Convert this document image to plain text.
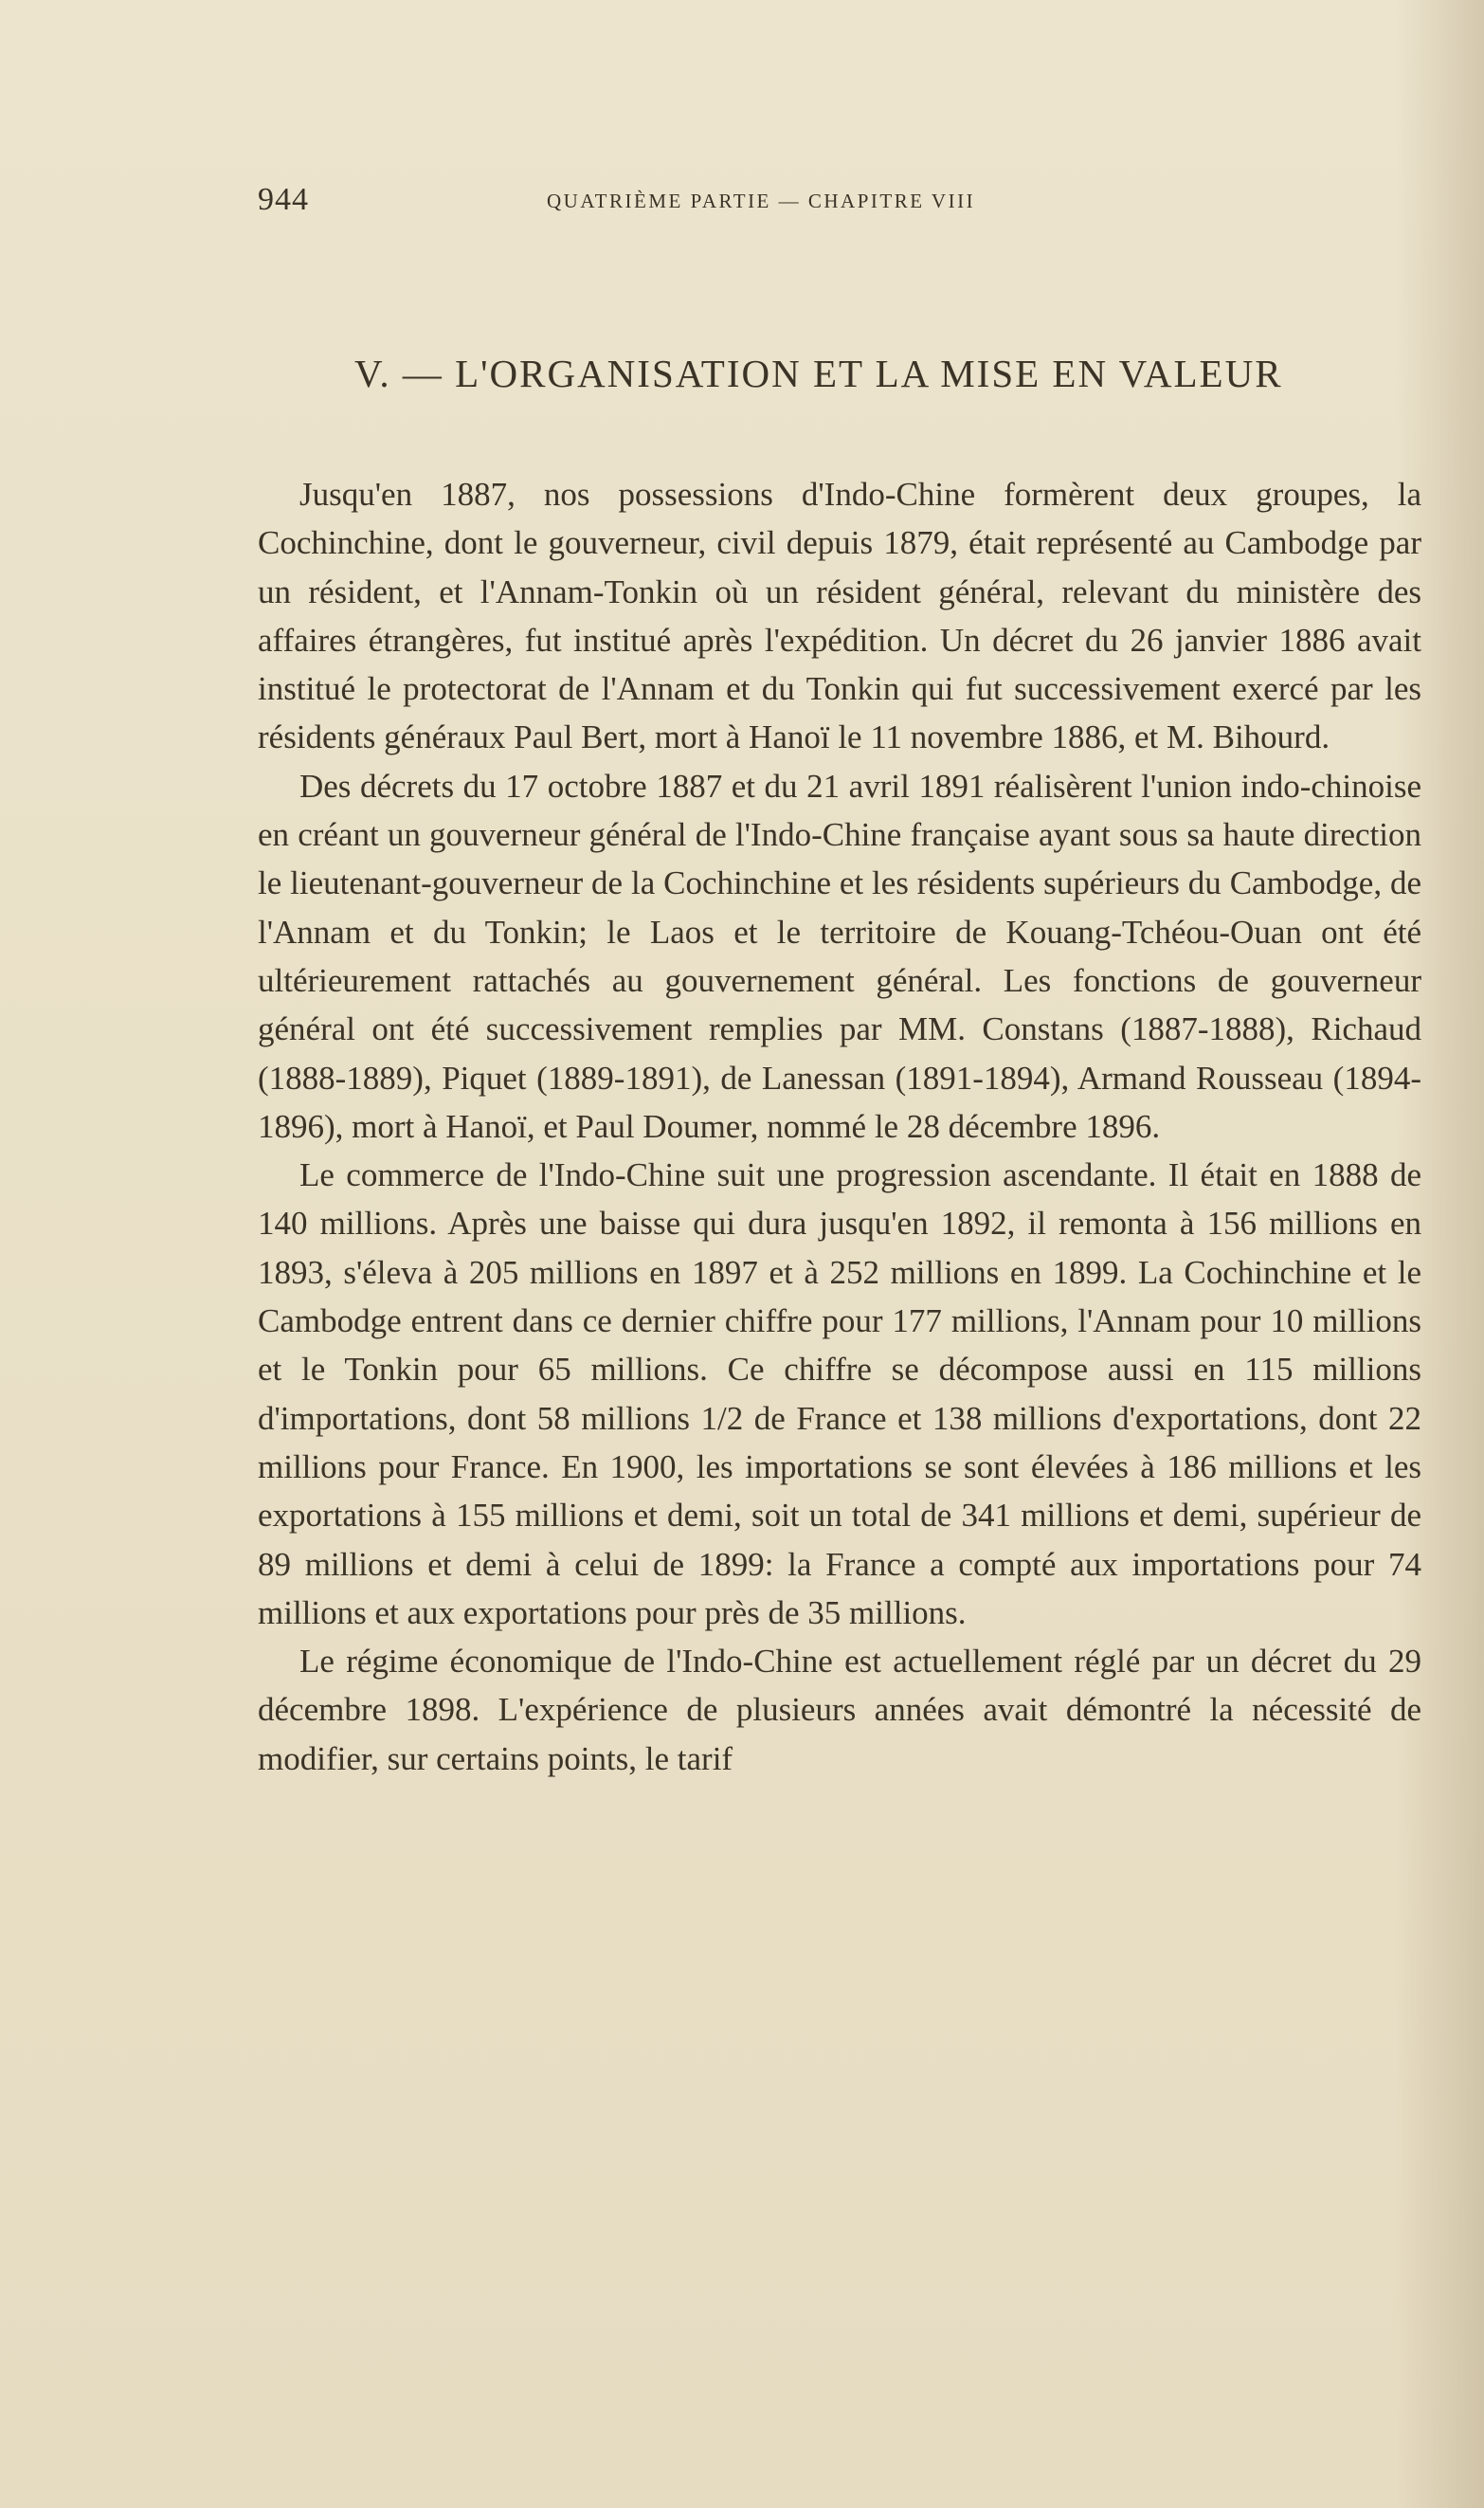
944	QUATRIÈME PARTIE — CHAPITRE VIII
V. — L'ORGANISATION ET LA MISE EN VALEUR

Jusqu'en 1887, nos possessions d'Indo-Chine formèrent deux groupes, la Cochinchine, dont le gouverneur, civil depuis 1879, était représenté au Cambodge par un résident, et l'Annam-Tonkin où un résident général, relevant du ministère des affaires étrangères, fut institué après l'expédition. Un décret du 26 janvier 1886 avait institué le protectorat de l'Annam et du Tonkin qui fut successivement exercé par les résidents généraux Paul Bert, mort à Hanoï le 11 novembre 1886, et M. Bihourd.

Des décrets du 17 octobre 1887 et du 21 avril 1891 réalisèrent l'union indo-chinoise en créant un gouverneur général de l'Indo-Chine française ayant sous sa haute direction le lieutenant-gouverneur de la Cochinchine et les résidents supérieurs du Cambodge, de l'Annam et du Tonkin; le Laos et le territoire de Kouang-Tchéou-Ouan ont été ultérieurement rattachés au gouvernement général. Les fonctions de gouverneur général ont été successivement remplies par MM. Constans (1887-1888), Richaud (1888-1889), Piquet (1889-1891), de Lanessan (1891-1894), Armand Rousseau (1894-1896), mort à Hanoï, et Paul Doumer, nommé le 28 décembre 1896.

Le commerce de l'Indo-Chine suit une progression ascendante. Il était en 1888 de 140 millions. Après une baisse qui dura jusqu'en 1892, il remonta à 156 millions en 1893, s'éleva à 205 millions en 1897 et à 252 millions en 1899. La Cochinchine et le Cambodge entrent dans ce dernier chiffre pour 177 millions, l'Annam pour 10 millions et le Tonkin pour 65 millions. Ce chiffre se décompose aussi en 115 millions d'importations, dont 58 millions 1/2 de France et 138 millions d'exportations, dont 22 millions pour France. En 1900, les importations se sont élevées à 186 millions et les exportations à 155 millions et demi, soit un total de 341 millions et demi, supérieur de 89 millions et demi à celui de 1899: la France a compté aux importations pour 74 millions et aux exportations pour près de 35 millions.

Le régime économique de l'Indo-Chine est actuellement réglé par un décret du 29 décembre 1898. L'expérience de plusieurs années avait démontré la nécessité de modifier, sur certains points, le tarif
